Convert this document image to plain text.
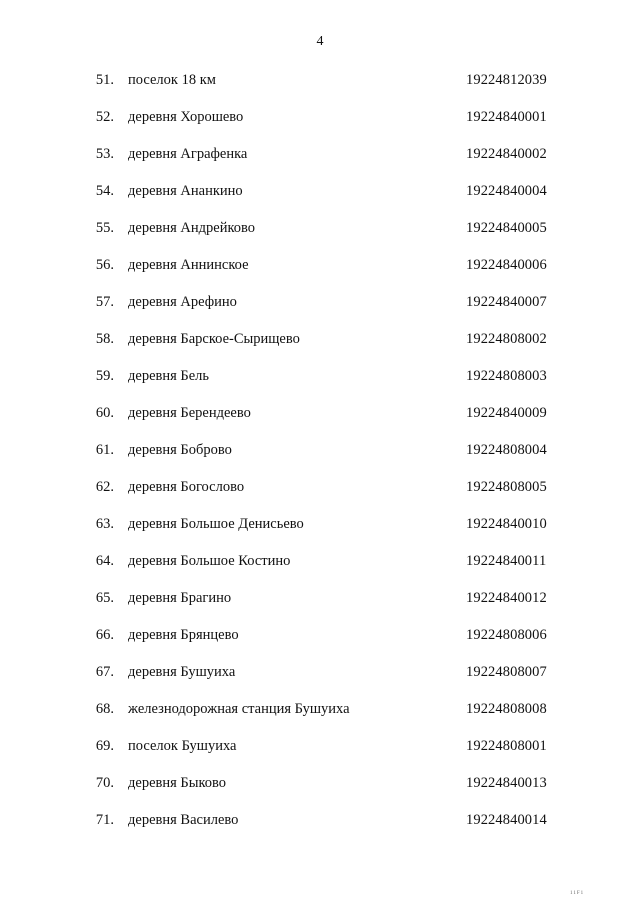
4
51. поселок 18 км	19224812039
52. деревня Хорошево	19224840001
53. деревня Аграфенка	19224840002
54. деревня Ананкино	19224840004
55. деревня Андрейково	19224840005
56. деревня Аннинское	19224840006
57. деревня Арефино	19224840007
58. деревня Барское-Сырищево	19224808002
59. деревня Бель	19224808003
60. деревня Берендеево	19224840009
61. деревня Боброво	19224808004
62. деревня Богослово	19224808005
63. деревня Большое Денисьево	19224840010
64. деревня Большое Костино	19224840011
65. деревня Брагино	19224840012
66. деревня Брянцево	19224808006
67. деревня Бушуиха	19224808007
68. железнодорожная станция Бушуиха	19224808008
69. поселок Бушуиха	19224808001
70. деревня Быково	19224840013
71. деревня Василево	19224840014
11F1
